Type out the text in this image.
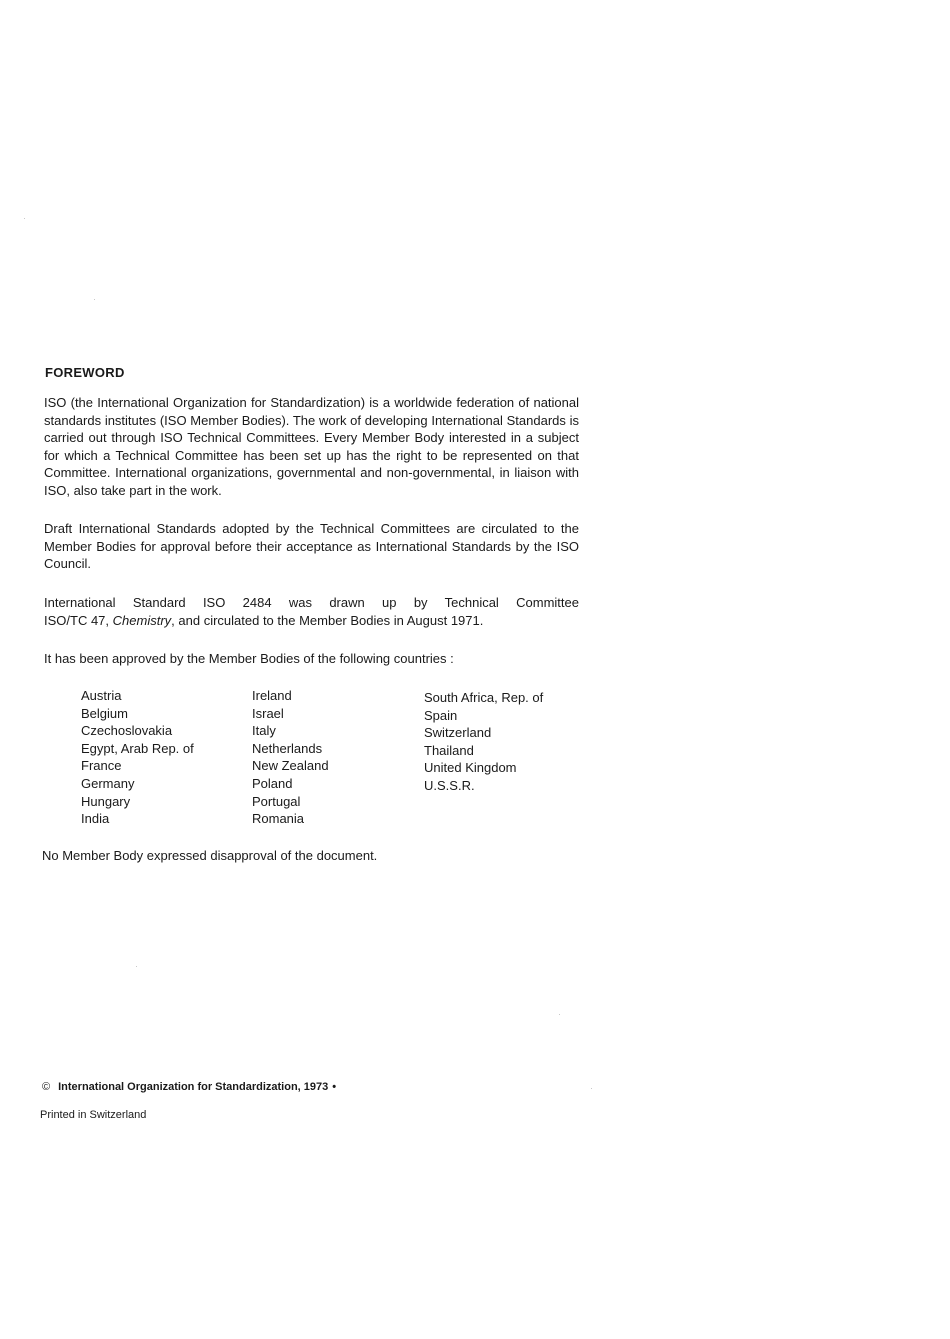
FOREWORD

ISO (the International Organization for Standardization) is a worldwide federation of national standards institutes (ISO Member Bodies). The work of developing International Standards is carried out through ISO Technical Committees. Every Member Body interested in a subject for which a Technical Committee has been set up has the right to be represented on that Committee. International organizations, governmental and non-governmental, in liaison with ISO, also take part in the work.

Draft International Standards adopted by the Technical Committees are circulated to the Member Bodies for approval before their acceptance as International Standards by the ISO Council.

International Standard ISO 2484 was drawn up by Technical Committee
ISO/TC 47, Chemistry, and circulated to the Member Bodies in August 1971.

It has been approved by the Member Bodies of the following countries :

Austria
Belgium
Czechoslovakia
Egypt, Arab Rep. of
France
Germany
Hungary
India
Ireland
Israel
Italy
Netherlands
New Zealand
Poland
Portugal
Romania
South Africa, Rep. of
Spain
Switzerland
Thailand
United Kingdom
U.S.S.R.
No Member Body expressed disapproval of the document.
© International Organization for Standardization, 1973 •
Printed in Switzerland
